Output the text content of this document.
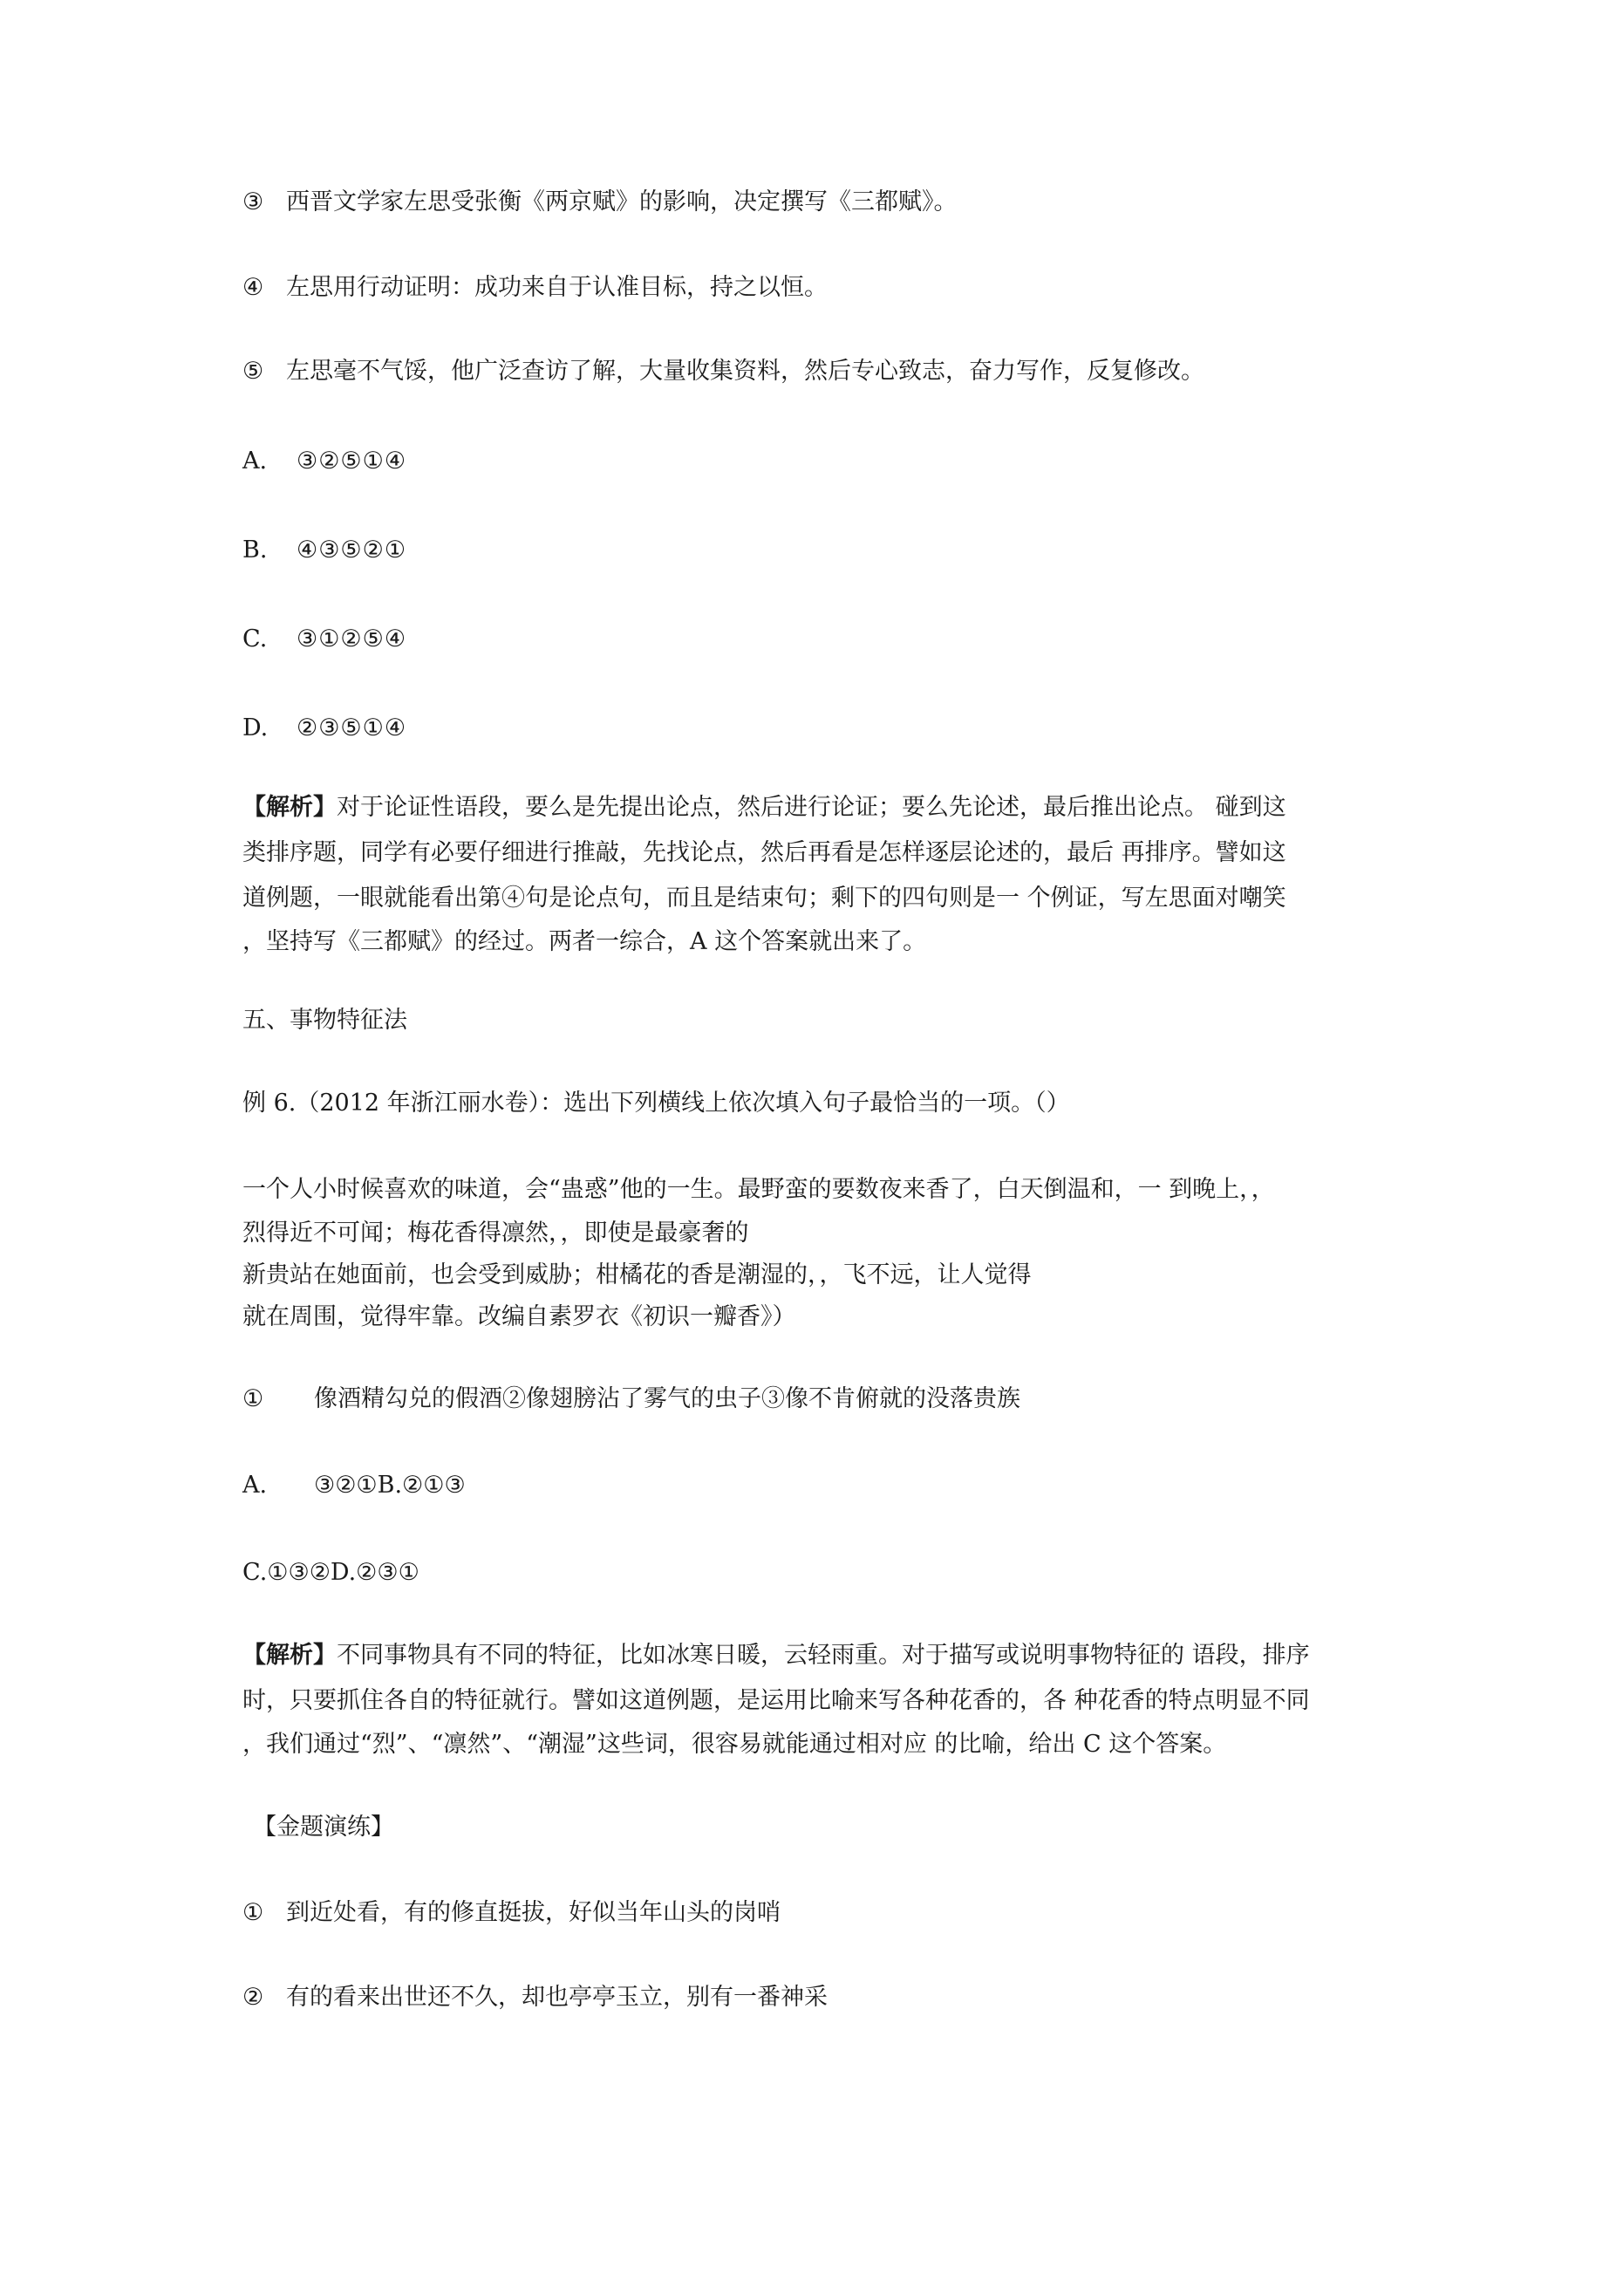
③ 西晋文学家左思受张衡《两京赋》的影响，决定撰写《三都赋》。
④ 左思用行动证明：成功来自于认准目标，持之以恒。
⑤ 左思毫不气馁，他广泛查访了解，大量收集资料，然后专心致志，奋力写作，反复修改。
A. ③②⑤①④
B. ④③⑤②①
C. ③①②⑤④
D. ②③⑤①④
【解析】对于论证性语段，要么是先提出论点，然后进行论证；要么先论述，最后推出论点。 碰到这
类排序题，同学有必要仔细进行推敲，先找论点，然后再看是怎样逐层论述的，最后 再排序。譬如这
道例题，一眼就能看出第④句是论点句，而且是结束句；剩下的四句则是一 个例证，写左思面对嘲笑
，坚持写《三都赋》的经过。两者一综合，A 这个答案就出来了。
五、事物特征法
例 6.（2012 年浙江丽水卷）：选出下列横线上依次填入句子最恰当的一项。（）
一个人小时候喜欢的味道，会“蛊惑”他的一生。最野蛮的要数夜来香了，白天倒温和，一 到晚上，，
烈得近不可闻；梅花香得凛然，，即使是最豪奢的
新贵站在她面前，也会受到威胁；柑橘花的香是潮湿的，，飞不远，让人觉得
就在周围，觉得牢靠。改编自素罗衣《初识一瓣香》）
① 像酒精勾兑的假酒②像翅膀沾了雾气的虫子③像不肯俯就的没落贵族
A. ③②①B.②①③
C.①③②D.②③①
【解析】不同事物具有不同的特征，比如冰寒日暖，云轻雨重。对于描写或说明事物特征的 语段，排序
时，只要抓住各自的特征就行。譬如这道例题，是运用比喻来写各种花香的，各 种花香的特点明显不同
，我们通过“烈”、“凛然”、“潮湿”这些词，很容易就能通过相对应 的比喻，给出 C 这个答案。
【金题演练】
① 到近处看，有的修直挺拔，好似当年山头的岗哨
② 有的看来出世还不久，却也亭亭玉立，别有一番神采
